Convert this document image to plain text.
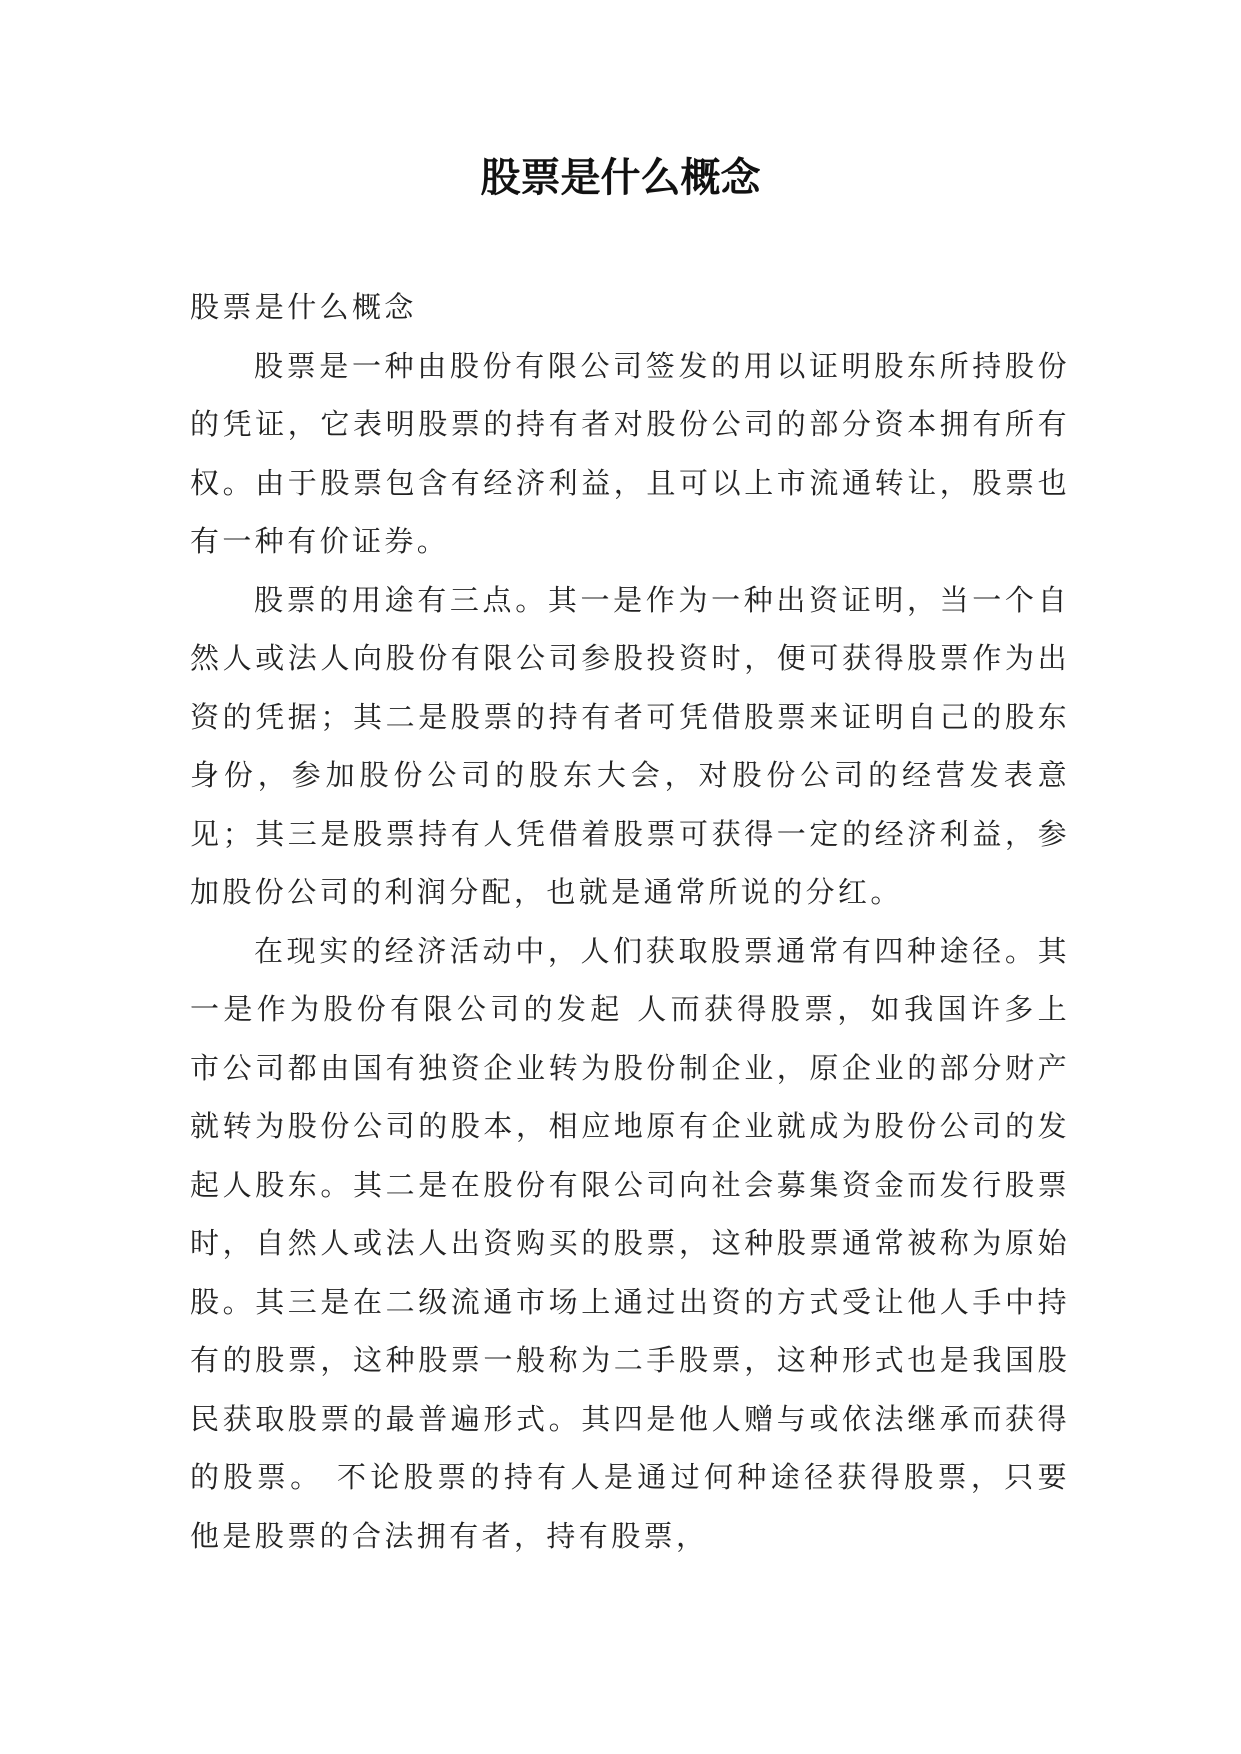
股票是什么概念

股票是什么概念

股票是一种由股份有限公司签发的用以证明股东所持股份的凭证，它表明股票的持有者对股份公司的部分资本拥有所有权。由于股票包含有经济利益，且可以上市流通转让，股票也有一种有价证券。

股票的用途有三点。其一是作为一种出资证明，当一个自然人或法人向股份有限公司参股投资时，便可获得股票作为出资的凭据；其二是股票的持有者可凭借股票来证明自己的股东身份，参加股份公司的股东大会，对股份公司的经营发表意见；其三是股票持有人凭借着股票可获得一定的经济利益，参加股份公司的利润分配，也就是通常所说的分红。

在现实的经济活动中，人们获取股票通常有四种途径。其一是作为股份有限公司的发起 人而获得股票，如我国许多上市公司都由国有独资企业转为股份制企业，原企业的部分财产就转为股份公司的股本，相应地原有企业就成为股份公司的发起人股东。其二是在股份有限公司向社会募集资金而发行股票时，自然人或法人出资购买的股票，这种股票通常被称为原始股。其三是在二级流通市场上通过出资的方式受让他人手中持有的股票，这种股票一般称为二手股票，这种形式也是我国股民获取股票的最普遍形式。其四是他人赠与或依法继承而获得的股票。 不论股票的持有人是通过何种途径获得股票，只要他是股票的合法拥有者，持有股票，
